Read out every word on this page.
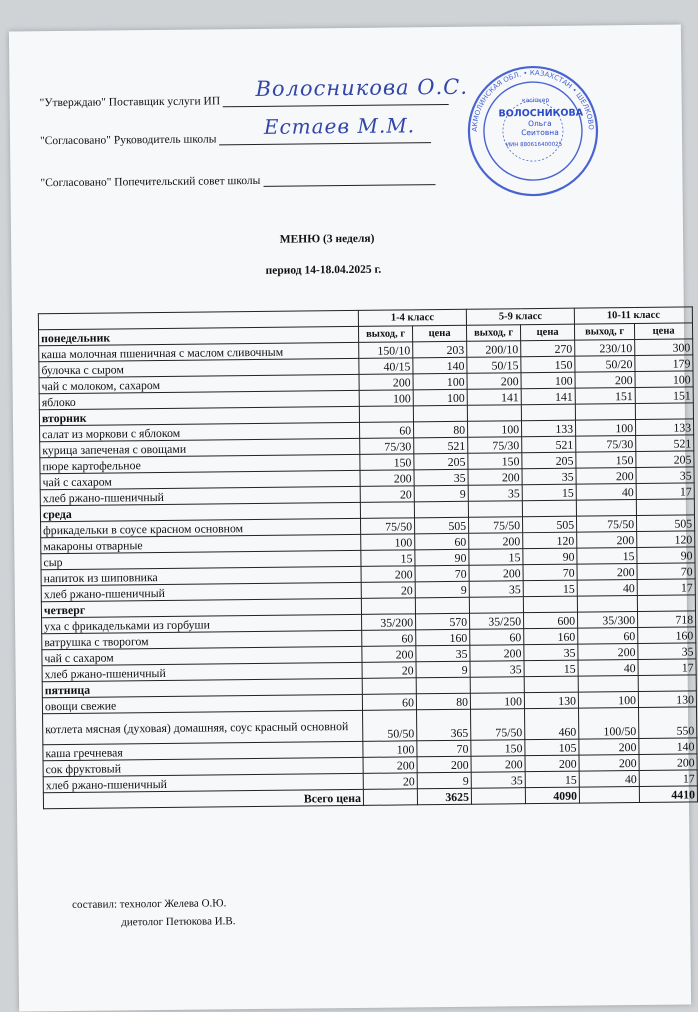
"Утверждаю" Поставщик услуги ИП
Волосникова О.С.
"Согласовано" Руководитель школы
Естаев М.М.
"Согласовано" Попечительский совет школы
АКМОЛИНСКАЯ ОБЛ. • КАЗАХСТАН • ШЕЛКОВО
ВОЛОСНИКОВА
Ольга
Сеитовна
кәсіпкер
ИИН 880616400025
МЕНЮ (3 неделя)
период 14-18.04.2025 г.
	1-4 класс		5-9 класс		10-11 класс	
понедельник	выход, г	цена	выход, г	цена	выход, г	цена
каша молочная пшеничная с маслом сливочным	150/10	203	200/10	270	230/10	300
булочка с сыром	40/15	140	50/15	150	50/20	179
чай с молоком, сахаром	200	100	200	100	200	100
яблоко	100	100	141	141	151	151
вторник						
салат из моркови с яблоком	60	80	100	133	100	133
курица запеченая с овощами	75/30	521	75/30	521	75/30	521
пюре картофельное	150	205	150	205	150	205
чай с сахаром	200	35	200	35	200	35
хлеб ржано-пшеничный	20	9	35	15	40	17
среда						
фрикадельки в соусе красном основном	75/50	505	75/50	505	75/50	505
макароны отварные	100	60	200	120	200	120
сыр	15	90	15	90	15	90
напиток из шиповника	200	70	200	70	200	70
хлеб ржано-пшеничный	20	9	35	15	40	17
четверг						
уха с фрикадельками из горбуши	35/200	570	35/250	600	35/300	718
ватрушка с творогом	60	160	60	160	60	160
чай с сахаром	200	35	200	35	200	35
хлеб ржано-пшеничный	20	9	35	15	40	17
пятница						
овощи свежие	60	80	100	130	100	130
котлета мясная (духовая) домашняя, соус красный основной	50/50	365	75/50	460	100/50	550
каша гречневая	100	70	150	105	200	140
сок фруктовый	200	200	200	200	200	200
хлеб ржано-пшеничный	20	9	35	15	40	17
Всего цена		3625		4090		4410
составил: технолог Желева О.Ю.
диетолог Петюкова И.В.
